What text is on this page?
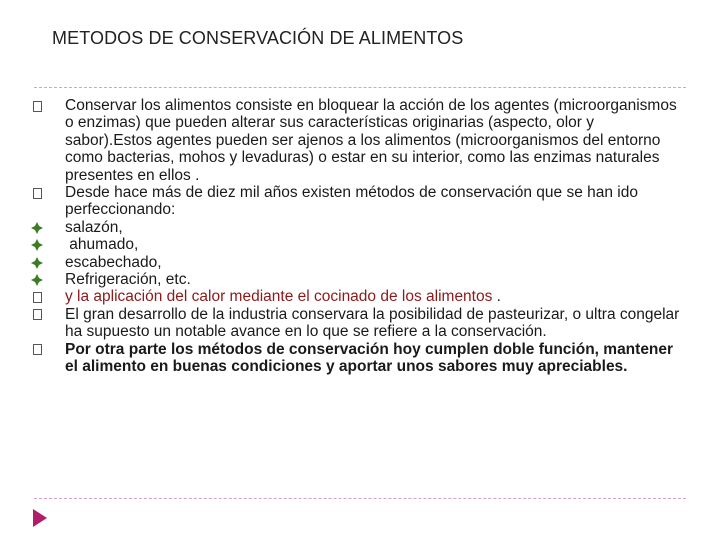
METODOS DE CONSERVACIÓN DE ALIMENTOS
Conservar los alimentos consiste en bloquear la acción de los agentes (microorganismos o enzimas) que pueden alterar sus características originarias (aspecto, olor y sabor).Estos agentes pueden ser ajenos a los alimentos (microorganismos del entorno como bacterias, mohos y levaduras) o estar en su interior, como las enzimas naturales presentes en ellos .
Desde hace más de diez mil años existen métodos de conservación que se han ido perfeccionando:
salazón,
ahumado,
escabechado,
Refrigeración, etc.
y la aplicación del calor mediante el cocinado de los alimentos .
El gran desarrollo de la industria conservara la posibilidad de pasteurizar, o ultra congelar ha supuesto un notable avance en lo que se refiere a la conservación.
Por otra parte los métodos de conservación hoy cumplen doble función, mantener el alimento en buenas condiciones y aportar unos sabores muy apreciables.
